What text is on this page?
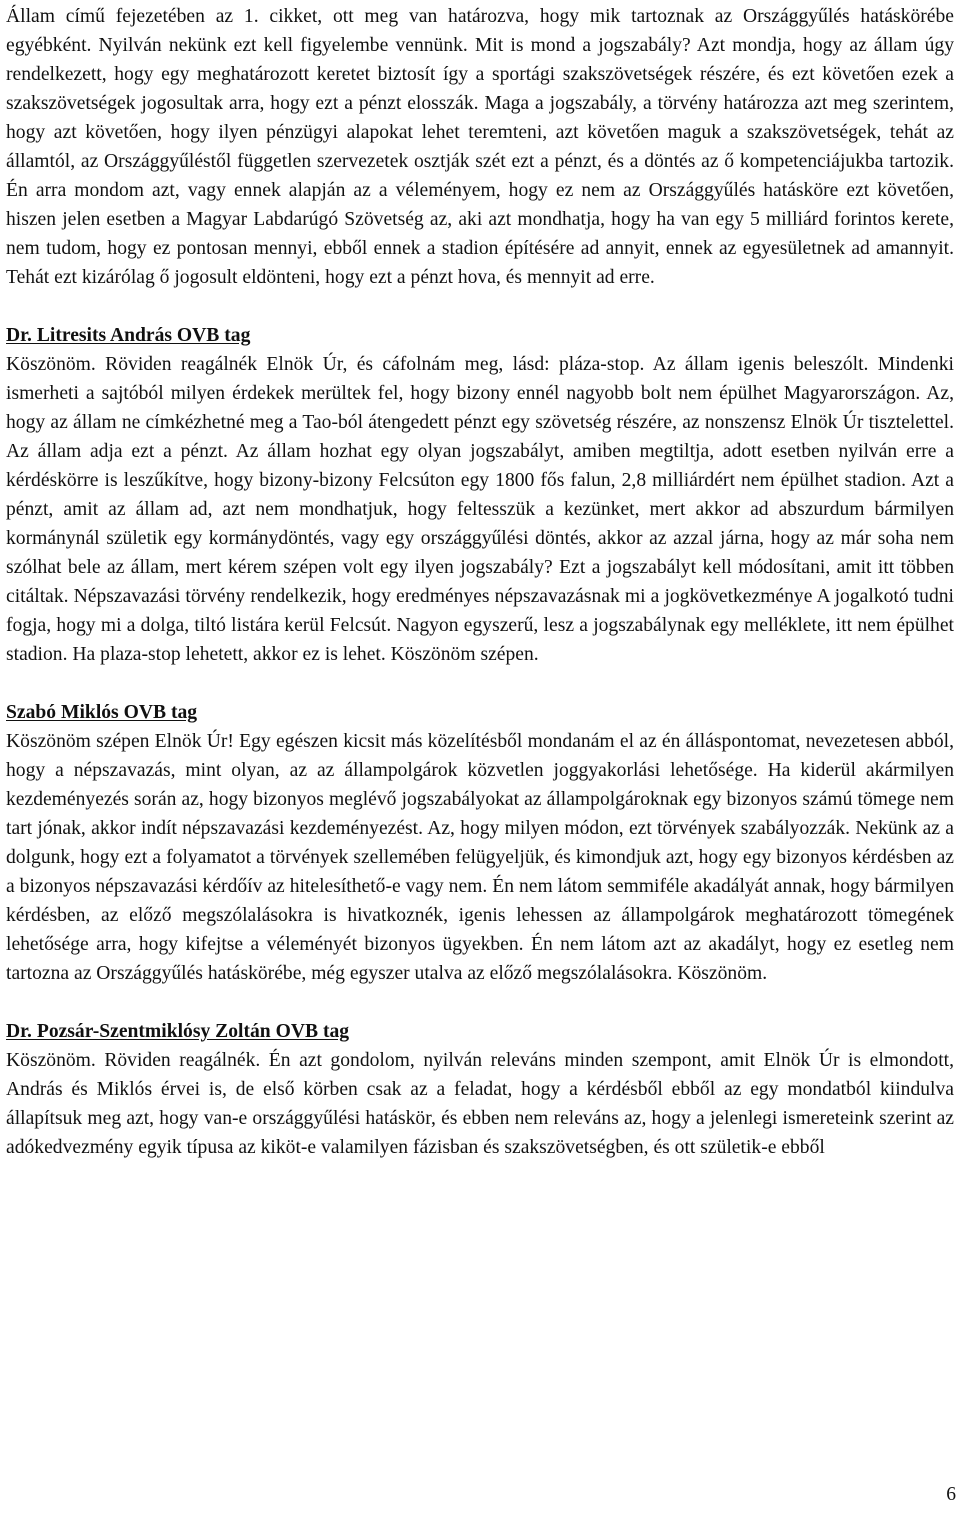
Állam című fejezetében az 1. cikket, ott meg van határozva, hogy mik tartoznak az Országgyűlés hatáskörébe egyébként. Nyilván nekünk ezt kell figyelembe vennünk. Mit is mond a jogszabály? Azt mondja, hogy az állam úgy rendelkezett, hogy egy meghatározott keretet biztosít így a sportági szakszövetségek részére, és ezt követően ezek a szakszövetségek jogosultak arra, hogy ezt a pénzt elosszák. Maga a jogszabály, a törvény határozza azt meg szerintem, hogy azt követően, hogy ilyen pénzügyi alapokat lehet teremteni, azt követően maguk a szakszövetségek, tehát az államtól, az Országgyűléstől független szervezetek osztják szét ezt a pénzt, és a döntés az ő kompetenciájukba tartozik. Én arra mondom azt, vagy ennek alapján az a véleményem, hogy ez nem az Országgyűlés hatásköre ezt követően, hiszen jelen esetben a Magyar Labdarúgó Szövetség az, aki azt mondhatja, hogy ha van egy 5 milliárd forintos kerete, nem tudom, hogy ez pontosan mennyi, ebből ennek a stadion építésére ad annyit, ennek az egyesületnek ad amannyit. Tehát ezt kizárólag ő jogosult eldönteni, hogy ezt a pénzt hova, és mennyit ad erre.

Dr. Litresits András OVB tag

Köszönöm. Röviden reagálnék Elnök Úr, és cáfolnám meg, lásd: pláza-stop. Az állam igenis beleszólt. Mindenki ismerheti a sajtóból milyen érdekek merültek fel, hogy bizony ennél nagyobb bolt nem épülhet Magyarországon. Az, hogy az állam ne címkézhetné meg a Tao-ból átengedett pénzt egy szövetség részére, az nonszensz Elnök Úr tisztelettel. Az állam adja ezt a pénzt. Az állam hozhat egy olyan jogszabályt, amiben megtiltja, adott esetben nyilván erre a kérdéskörre is leszűkítve, hogy bizony-bizony Felcsúton egy 1800 fős falun, 2,8 milliárdért nem épülhet stadion. Azt a pénzt, amit az állam ad, azt nem mondhatjuk, hogy feltesszük a kezünket, mert akkor ad abszurdum bármilyen kormánynál születik egy kormánydöntés, vagy egy országgyűlési döntés, akkor az azzal járna, hogy az már soha nem szólhat bele az állam, mert kérem szépen volt egy ilyen jogszabály? Ezt a jogszabályt kell módosítani, amit itt többen citáltak. Népszavazási törvény rendelkezik, hogy eredményes népszavazásnak mi a jogkövetkezménye A jogalkotó tudni fogja, hogy mi a dolga, tiltó listára kerül Felcsút. Nagyon egyszerű, lesz a jogszabálynak egy melléklete, itt nem épülhet stadion. Ha plaza-stop lehetett, akkor ez is lehet. Köszönöm szépen.

Szabó Miklós OVB tag

Köszönöm szépen Elnök Úr! Egy egészen kicsit más közelítésből mondanám el az én álláspontomat, nevezetesen abból, hogy a népszavazás, mint olyan, az az állampolgárok közvetlen joggyakorlási lehetősége. Ha kiderül akármilyen kezdeményezés során az, hogy bizonyos meglévő jogszabályokat az állampolgároknak egy bizonyos számú tömege nem tart jónak, akkor indít népszavazási kezdeményezést. Az, hogy milyen módon, ezt törvények szabályozzák. Nekünk az a dolgunk, hogy ezt a folyamatot a törvények szellemében felügyeljük, és kimondjuk azt, hogy egy bizonyos kérdésben az a bizonyos népszavazási kérdőív az hitelesíthető-e vagy nem. Én nem látom semmiféle akadályát annak, hogy bármilyen kérdésben, az előző megszólalásokra is hivatkoznék, igenis lehessen az állampolgárok meghatározott tömegének lehetősége arra, hogy kifejtse a véleményét bizonyos ügyekben. Én nem látom azt az akadályt, hogy ez esetleg nem tartozna az Országgyűlés hatáskörébe, még egyszer utalva az előző megszólalásokra. Köszönöm.

Dr. Pozsár-Szentmiklósy Zoltán OVB tag

Köszönöm. Röviden reagálnék. Én azt gondolom, nyilván releváns minden szempont, amit Elnök Úr is elmondott, András és Miklós érvei is, de első körben csak az a feladat, hogy a kérdésből ebből az egy mondatból kiindulva állapítsuk meg azt, hogy van-e országgyűlési hatáskör, és ebben nem releváns az, hogy a jelenlegi ismereteink szerint az adókedvezmény egyik típusa az kiköt-e valamilyen fázisban és szakszövetségben, és ott születik-e ebből

6
